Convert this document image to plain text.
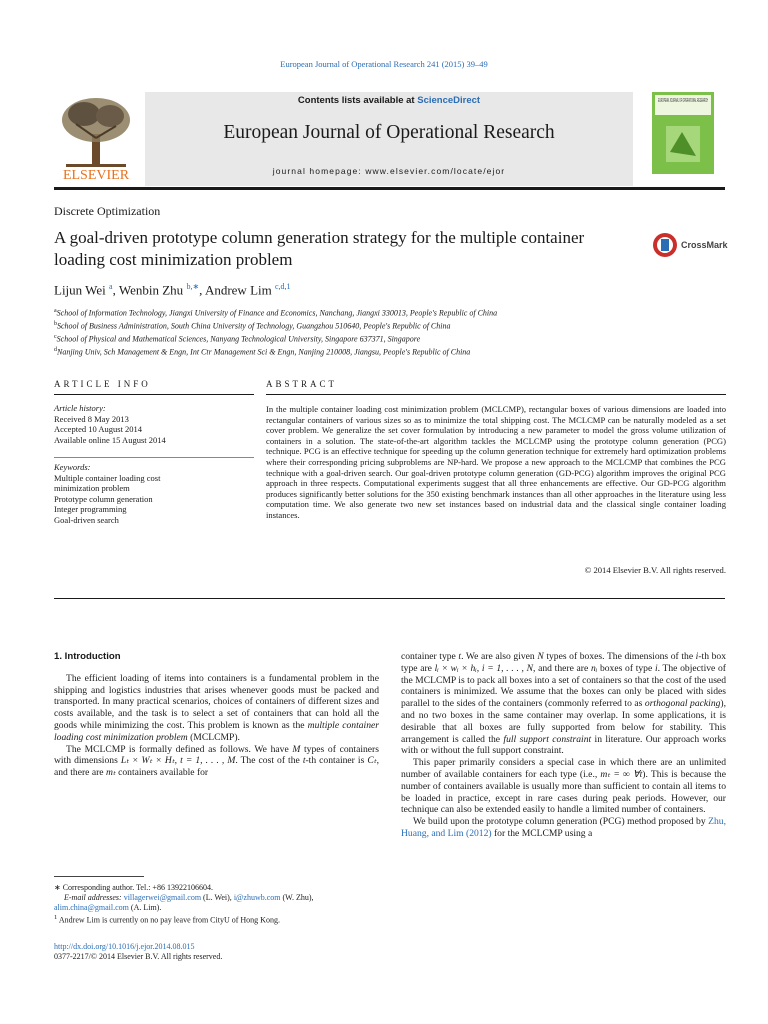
European Journal of Operational Research 241 (2015) 39–49
ELSEVIER
Contents lists available at ScienceDirect
European Journal of Operational Research
journal homepage: www.elsevier.com/locate/ejor
EUROPEAN JOURNAL OF OPERATIONAL RESEARCH
Discrete Optimization
A goal-driven prototype column generation strategy for the multiple container loading cost minimization problem
CrossMark
Lijun Wei $^a$, Wenbin Zhu $^{b,∗}$, Andrew Lim $^{c,d,1}$
$^a$School of Information Technology, Jiangxi University of Finance and Economics, Nanchang, Jiangxi 330013, People's Republic of China
$^b$School of Business Administration, South China University of Technology, Guangzhou 510640, People's Republic of China
$^c$School of Physical and Mathematical Sciences, Nanyang Technological University, Singapore 637371, Singapore
$^d$Nanjing Univ, Sch Management & Engn, Int Ctr Management Sci & Engn, Nanjing 210008, Jiangsu, People's Republic of China
ARTICLE INFO
Article history:
Received 8 May 2013
Accepted 10 August 2014
Available online 15 August 2014
Keywords:
Multiple container loading cost
minimization problem
Prototype column generation
Integer programming
Goal-driven search
ABSTRACT
In the multiple container loading cost minimization problem (MCLCMP), rectangular boxes of various dimensions are loaded into rectangular containers of various sizes so as to minimize the total shipping cost. The MCLCMP can be naturally modeled as a set cover problem. We generalize the set cover formulation by introducing a new parameter to model the gross volume utilization of containers in a solution. The state-of-the-art algorithm tackles the MCLCMP using the prototype column generation (PCG) technique. PCG is an effective technique for speeding up the column generation technique for extremely hard optimization problems where their corresponding pricing subproblems are NP-hard. We propose a new approach to the MCLCMP that combines the PCG technique with a goal-driven search. Our goal-driven prototype column generation (GD-PCG) algorithm improves the original PCG approach in three respects. Computational experiments suggest that all three enhancements are effective. Our GD-PCG algorithm produces significantly better solutions for the 350 existing benchmark instances than all other approaches in the literature using less computation time. We also generate two new set instances based on industrial data and the classical single container loading instances.
© 2014 Elsevier B.V. All rights reserved.
1. Introduction

The efficient loading of items into containers is a fundamental problem in the shipping and logistics industries that arises whenever goods must be packed and transported. In many practical scenarios, choices of containers of different sizes and costs available, and the task is to select a set of containers that can hold all the goods while minimizing the cost. This problem is known as the multiple container loading cost minimization problem (MCLCMP).

The MCLCMP is formally defined as follows. We have M types of containers with dimensions Lₜ × Wₜ × Hₜ, t = 1, . . . , M. The cost of the t-th container is Cₜ, and there are mₜ containers available for

container type t. We are also given N types of boxes. The dimensions of the i-th box type are lᵢ × wᵢ × hᵢ, i = 1, . . . , N, and there are nᵢ boxes of type i. The objective of the MCLCMP is to pack all boxes into a set of containers so that the cost of the used containers is minimized. We assume that the boxes can only be placed with sides parallel to the sides of the containers (commonly referred to as orthogonal packing), and no two boxes in the same container may overlap. In some applications, it is desirable that all boxes are fully supported from below for stability. This arrangement is called the full support constraint in literature. Our approach works with or without the full support constraint.

This paper primarily considers a special case in which there are an unlimited number of available containers for each type (i.e., mₜ = ∞ ∀t). This is because the number of containers available is usually more than sufficient to contain all items to be loaded in practice, except in rare cases during peak periods. However, our technique can also be extended easily to handle a limited number of containers.

We build upon the prototype column generation (PCG) method proposed by Zhu, Huang, and Lim (2012) for the MCLCMP using a

∗ Corresponding author. Tel.: +86 13922106604.
E-mail addresses: villagerwei@gmail.com (L. Wei), i@zhuwb.com (W. Zhu),
alim.china@gmail.com (A. Lim).
$^1$ Andrew Lim is currently on no pay leave from CityU of Hong Kong.
http://dx.doi.org/10.1016/j.ejor.2014.08.015
0377-2217/© 2014 Elsevier B.V. All rights reserved.
